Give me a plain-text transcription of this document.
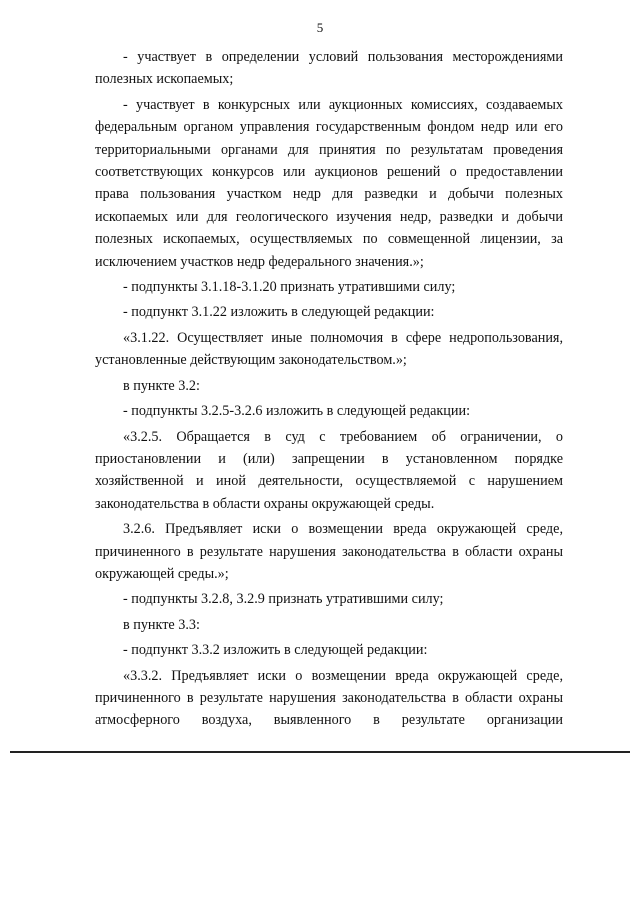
5

- участвует в определении условий пользования месторождениями полезных ископаемых;

- участвует в конкурсных или аукционных комиссиях, создаваемых федеральным органом управления государственным фондом недр или его территориальными органами для принятия по результатам проведения соответствующих конкурсов или аукционов решений о предоставлении права пользования участком недр для разведки и добычи полезных ископаемых или для геологического изучения недр, разведки и добычи полезных ископаемых, осуществляемых по совмещенной лицензии, за исключением участков недр федерального значения.»;

- подпункты 3.1.18-3.1.20 признать утратившими силу;

- подпункт 3.1.22 изложить в следующей редакции:

«3.1.22. Осуществляет иные полномочия в сфере недропользования, установленные действующим законодательством.»;

в пункте 3.2:

- подпункты 3.2.5-3.2.6 изложить в следующей редакции:

«3.2.5. Обращается в суд с требованием об ограничении, о приостановлении и (или) запрещении в установленном порядке хозяйственной и иной деятельности, осуществляемой с нарушением законодательства в области охраны окружающей среды.

3.2.6. Предъявляет иски о возмещении вреда окружающей среде, причиненного в результате нарушения законодательства в области охраны окружающей среды.»;

- подпункты 3.2.8, 3.2.9 признать утратившими силу;

в пункте 3.3:

- подпункт 3.3.2 изложить в следующей редакции:

«3.3.2. Предъявляет иски о возмещении вреда окружающей среде, причиненного в результате нарушения законодательства в области охраны атмосферного воздуха, выявленного в результате организации
